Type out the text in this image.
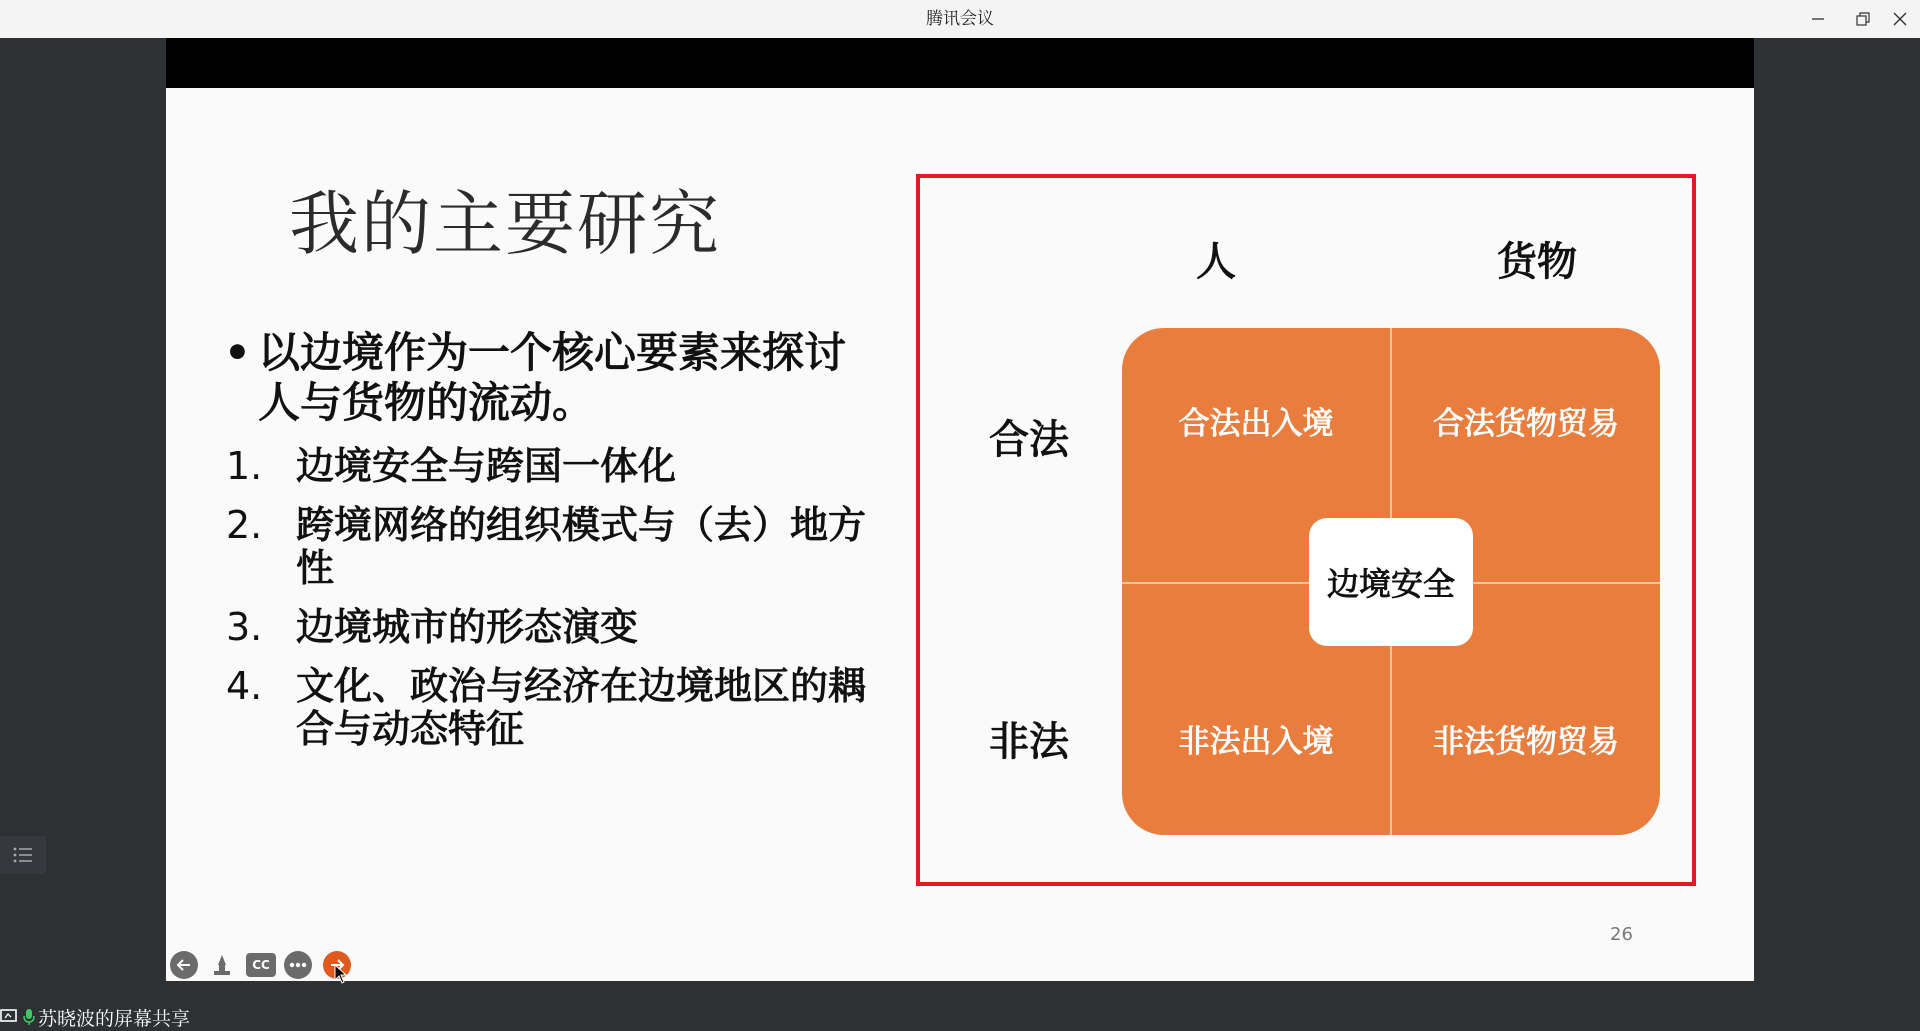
腾讯会议
我的主要研究
• 以边境作为一个核心要素来探讨人与货物的流动。
1. 边境安全与跨国一体化
2. 跨境网络的组织模式与（去）地方性
3. 边境城市的形态演变
4. 文化、政治与经济在边境地区的耦合与动态特征
人	货物
合法
非法
合法出入境	合法货物贸易
非法出入境	非法货物贸易
边境安全
26
CC
苏晓波的屏幕共享
